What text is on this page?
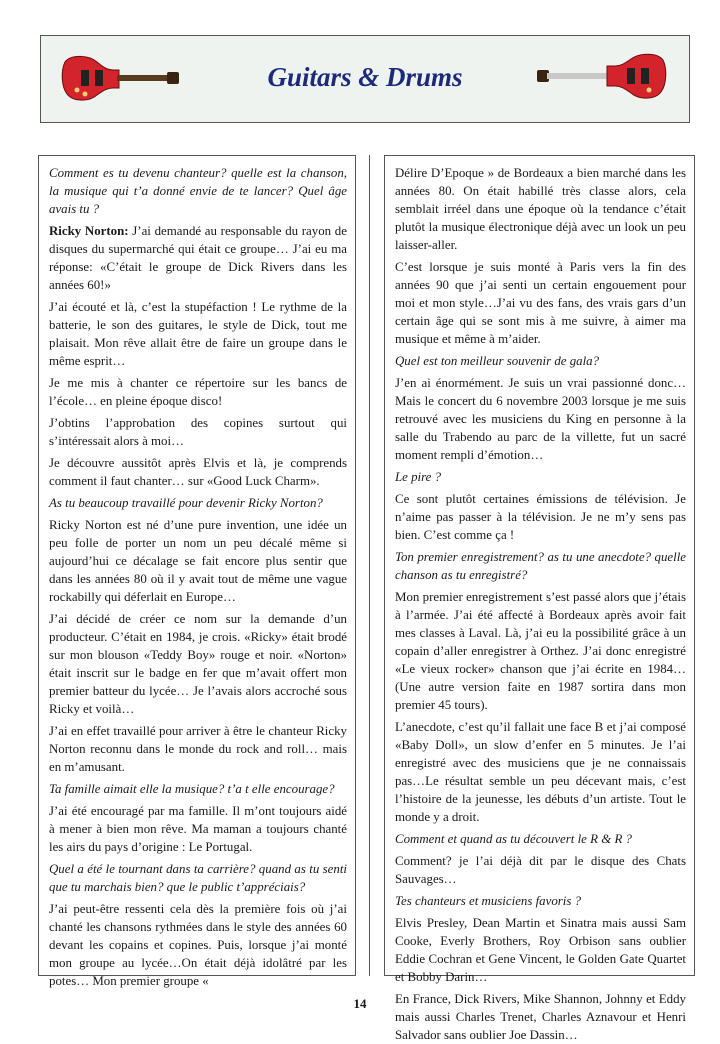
Guitars & Drums

Comment es tu devenu chanteur? quelle est la chanson, la musique qui t’a donné envie de te lancer? Quel âge avais tu ?

Ricky Norton: J’ai demandé au responsable du rayon de disques du supermarché qui était ce groupe… J’ai eu ma réponse: «C’était le groupe de Dick Rivers dans les années 60!»

J’ai écouté et là, c’est la stupéfaction ! Le rythme de la batterie, le son des guitares, le style de Dick, tout me plaisait. Mon rêve allait être de faire un groupe dans le même esprit…

Je me mis à chanter ce répertoire sur les bancs de l’école… en pleine époque disco!

J’obtins l’approbation des copines surtout qui s’intéressait alors à moi…

Je découvre aussitôt après Elvis et là, je comprends comment il faut chanter… sur «Good Luck Charm».

As tu beaucoup travaillé pour devenir Ricky Norton?

Ricky Norton est né d’une pure invention, une idée un peu folle de porter un nom un peu décalé même si aujourd’hui ce décalage se fait encore plus sentir que dans les années 80 où il y avait tout de même une vague rockabilly qui déferlait en Europe…

J’ai décidé de créer ce nom sur la demande d’un producteur. C’était en 1984, je crois. «Ricky» était brodé sur mon blouson «Teddy Boy» rouge et noir. «Norton» était inscrit sur le badge en fer que m’avait offert mon premier batteur du lycée… Je l’avais alors accroché sous Ricky et voilà…

J’ai en effet travaillé pour arriver à être le chanteur Ricky Norton reconnu dans le monde du rock and roll… mais en m’amusant.

Ta famille aimait elle la musique? t’a t elle encourage?

J’ai été encouragé par ma famille. Il m’ont toujours aidé à mener à bien mon rêve. Ma maman a toujours chanté les airs du pays d’origine : Le Portugal.

Quel a été le tournant dans ta carrière? quand as tu senti que tu marchais bien? que le public t’appréciais?

J’ai peut-être ressenti cela dès la première fois où j’ai chanté les chansons rythmées dans le style des années 60 devant les copains et copines. Puis, lorsque j’ai monté mon groupe au lycée…On était déjà idolâtré par les potes… Mon premier groupe «

Délire D’Epoque » de Bordeaux a bien marché dans les années 80. On était habillé très classe alors, cela semblait irréel dans une époque où la tendance c’était plutôt la musique électronique déjà avec un look un peu laisser-aller.

C’est lorsque je suis monté à Paris vers la fin des années 90 que j’ai senti un certain engouement pour moi et mon style…J’ai vu des fans, des vrais gars d’un certain âge qui se sont mis à me suivre, à aimer ma musique et même à m’aider.

Quel est ton meilleur souvenir de gala?

J’en ai énormément. Je suis un vrai passionné donc… Mais le concert du 6 novembre 2003 lorsque je me suis retrouvé avec les musiciens du King en personne à la salle du Trabendo au parc de la villette, fut un sacré moment rempli d’émotion…

Le pire ?

Ce sont plutôt certaines émissions de télévision. Je n’aime pas passer à la télévision. Je ne m’y sens pas bien. C’est comme ça !

Ton premier enregistrement? as tu une anecdote? quelle chanson as tu enregistré?

Mon premier enregistrement s’est passé alors que j’étais à l’armée. J’ai été affecté à Bordeaux après avoir fait mes classes à Laval. Là, j’ai eu la possibilité grâce à un copain d’aller enregistrer à Orthez. J’ai donc enregistré «Le vieux rocker» chanson que j’ai écrite en 1984… (Une autre version faite en 1987 sortira dans mon premier 45 tours).

L’anecdote, c’est qu’il fallait une face B et j’ai composé «Baby Doll», un slow d’enfer en 5 minutes. Je l’ai enregistré avec des musiciens que je ne connaissais pas…Le résultat semble un peu décevant mais, c’est l’histoire de la jeunesse, les débuts d’un artiste. Tout le monde y a droit.

Comment et quand as tu découvert le R & R ?

Comment? je l’ai déjà dit par le disque des Chats Sauvages…

Tes chanteurs et musiciens favoris ?

Elvis Presley, Dean Martin et Sinatra mais aussi Sam Cooke, Everly Brothers, Roy Orbison sans oublier Eddie Cochran et Gene Vincent, le Golden Gate Quartet et Bobby Darin…

En France, Dick Rivers, Mike Shannon, Johnny et Eddy mais aussi Charles Trenet, Charles Aznavour et Henri Salvador sans oublier Joe Dassin…

14
